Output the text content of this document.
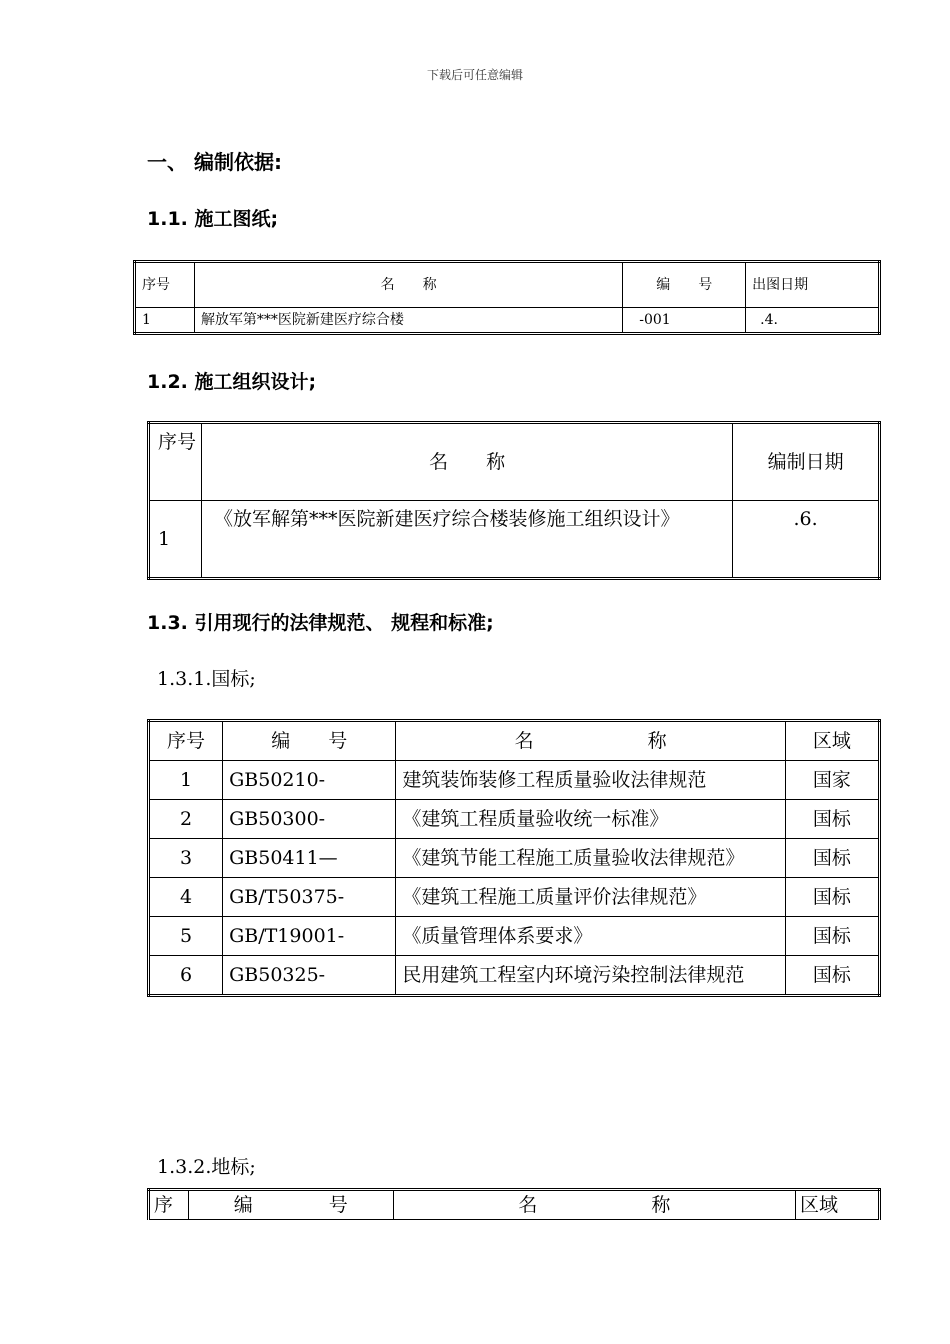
下载后可任意编辑
一、 编制依据:
1.1. 施工图纸;
序号	名　　称	编　　号	出图日期
1	解放军第***医院新建医疗综合楼	-001	.4.
1.2. 施工组织设计;
序号	名　　称	编制日期
1	《放军解第***医院新建医疗综合楼装修施工组织设计》	.6.
1.3. 引用现行的法律规范、 规程和标准;
1.3.1.国标;
序号	编　　号	名　　　　　　称	区域
1	GB50210-	建筑装饰装修工程质量验收法律规范	国家
2	GB50300-	《建筑工程质量验收统一标准》	国标
3	GB50411—	《建筑节能工程施工质量验收法律规范》	国标
4	GB/T50375-	《建筑工程施工质量评价法律规范》	国标
5	GB/T19001-	《质量管理体系要求》	国标
6	GB50325-	民用建筑工程室内环境污染控制法律规范	国标
1.3.2.地标;
序	编　　　　号	名　　　　　　称	区域
